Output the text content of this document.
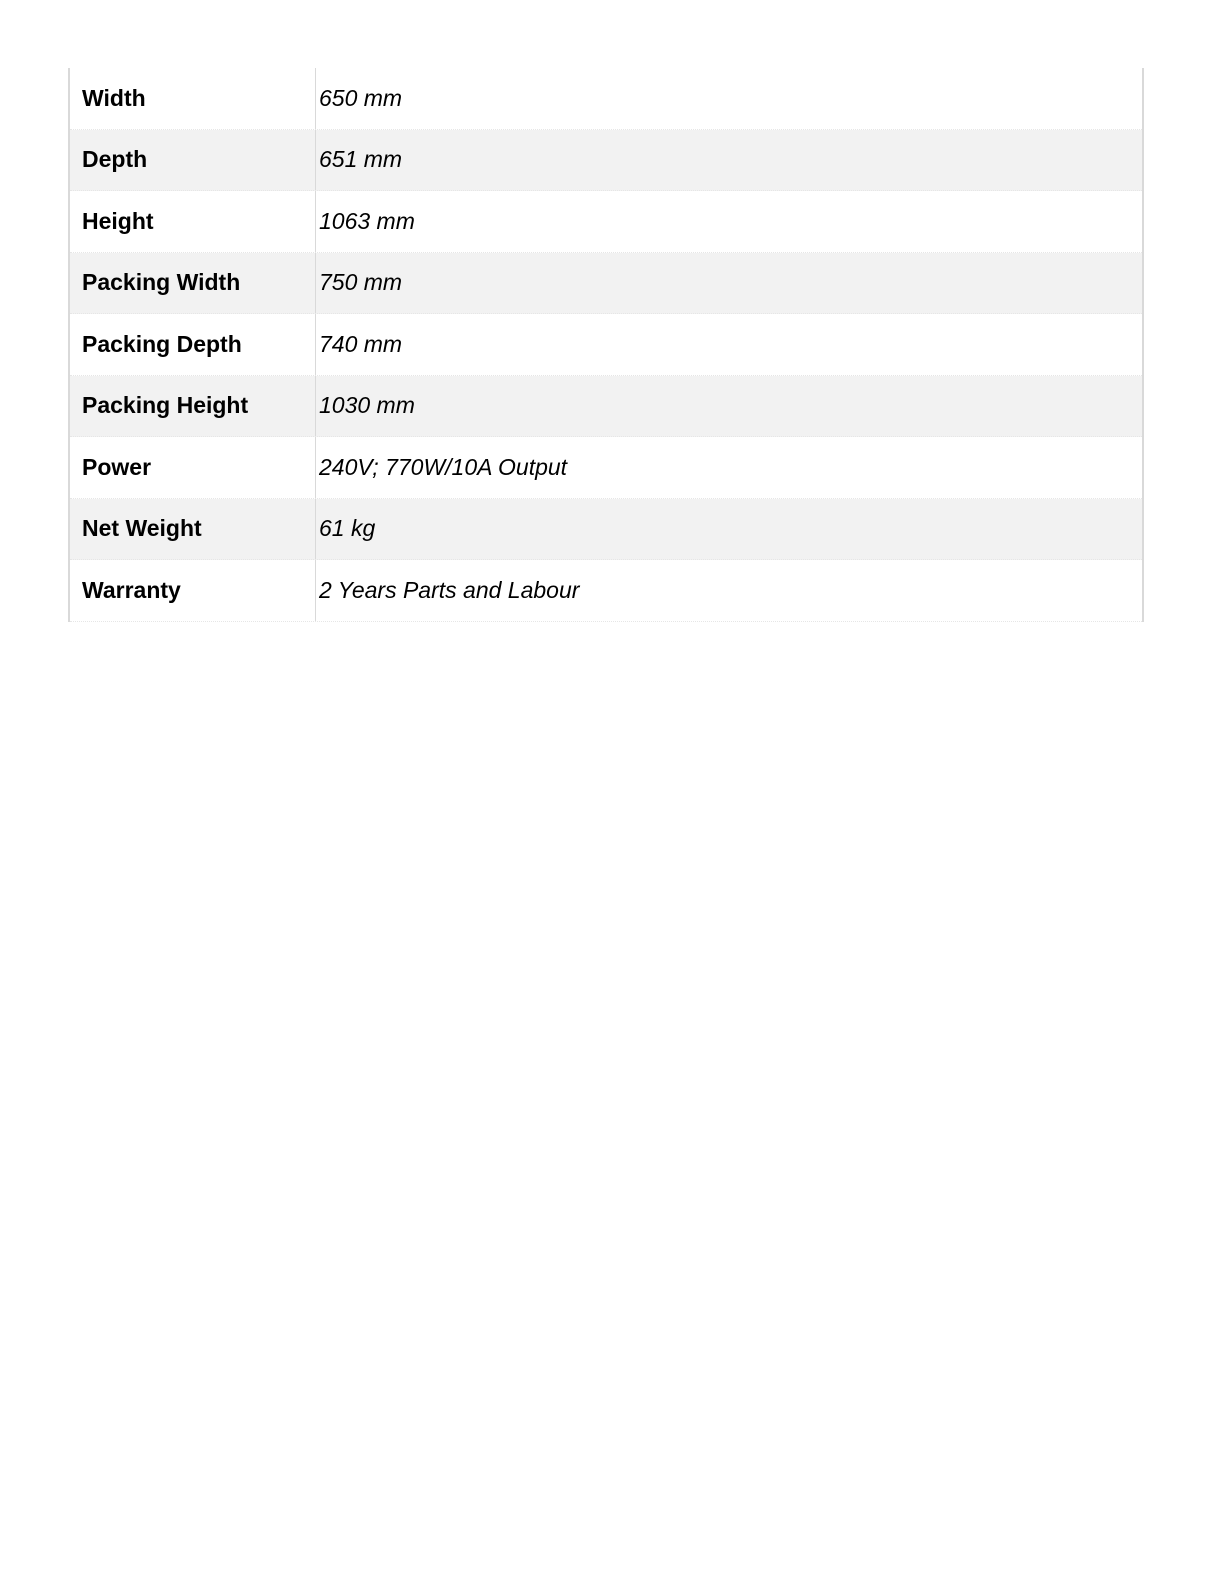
Width	650 mm
Depth	651 mm
Height	1063 mm
Packing Width	750 mm
Packing Depth	740 mm
Packing Height	1030 mm
Power	240V; 770W/10A Output
Net Weight	61 kg
Warranty	2 Years Parts and Labour
